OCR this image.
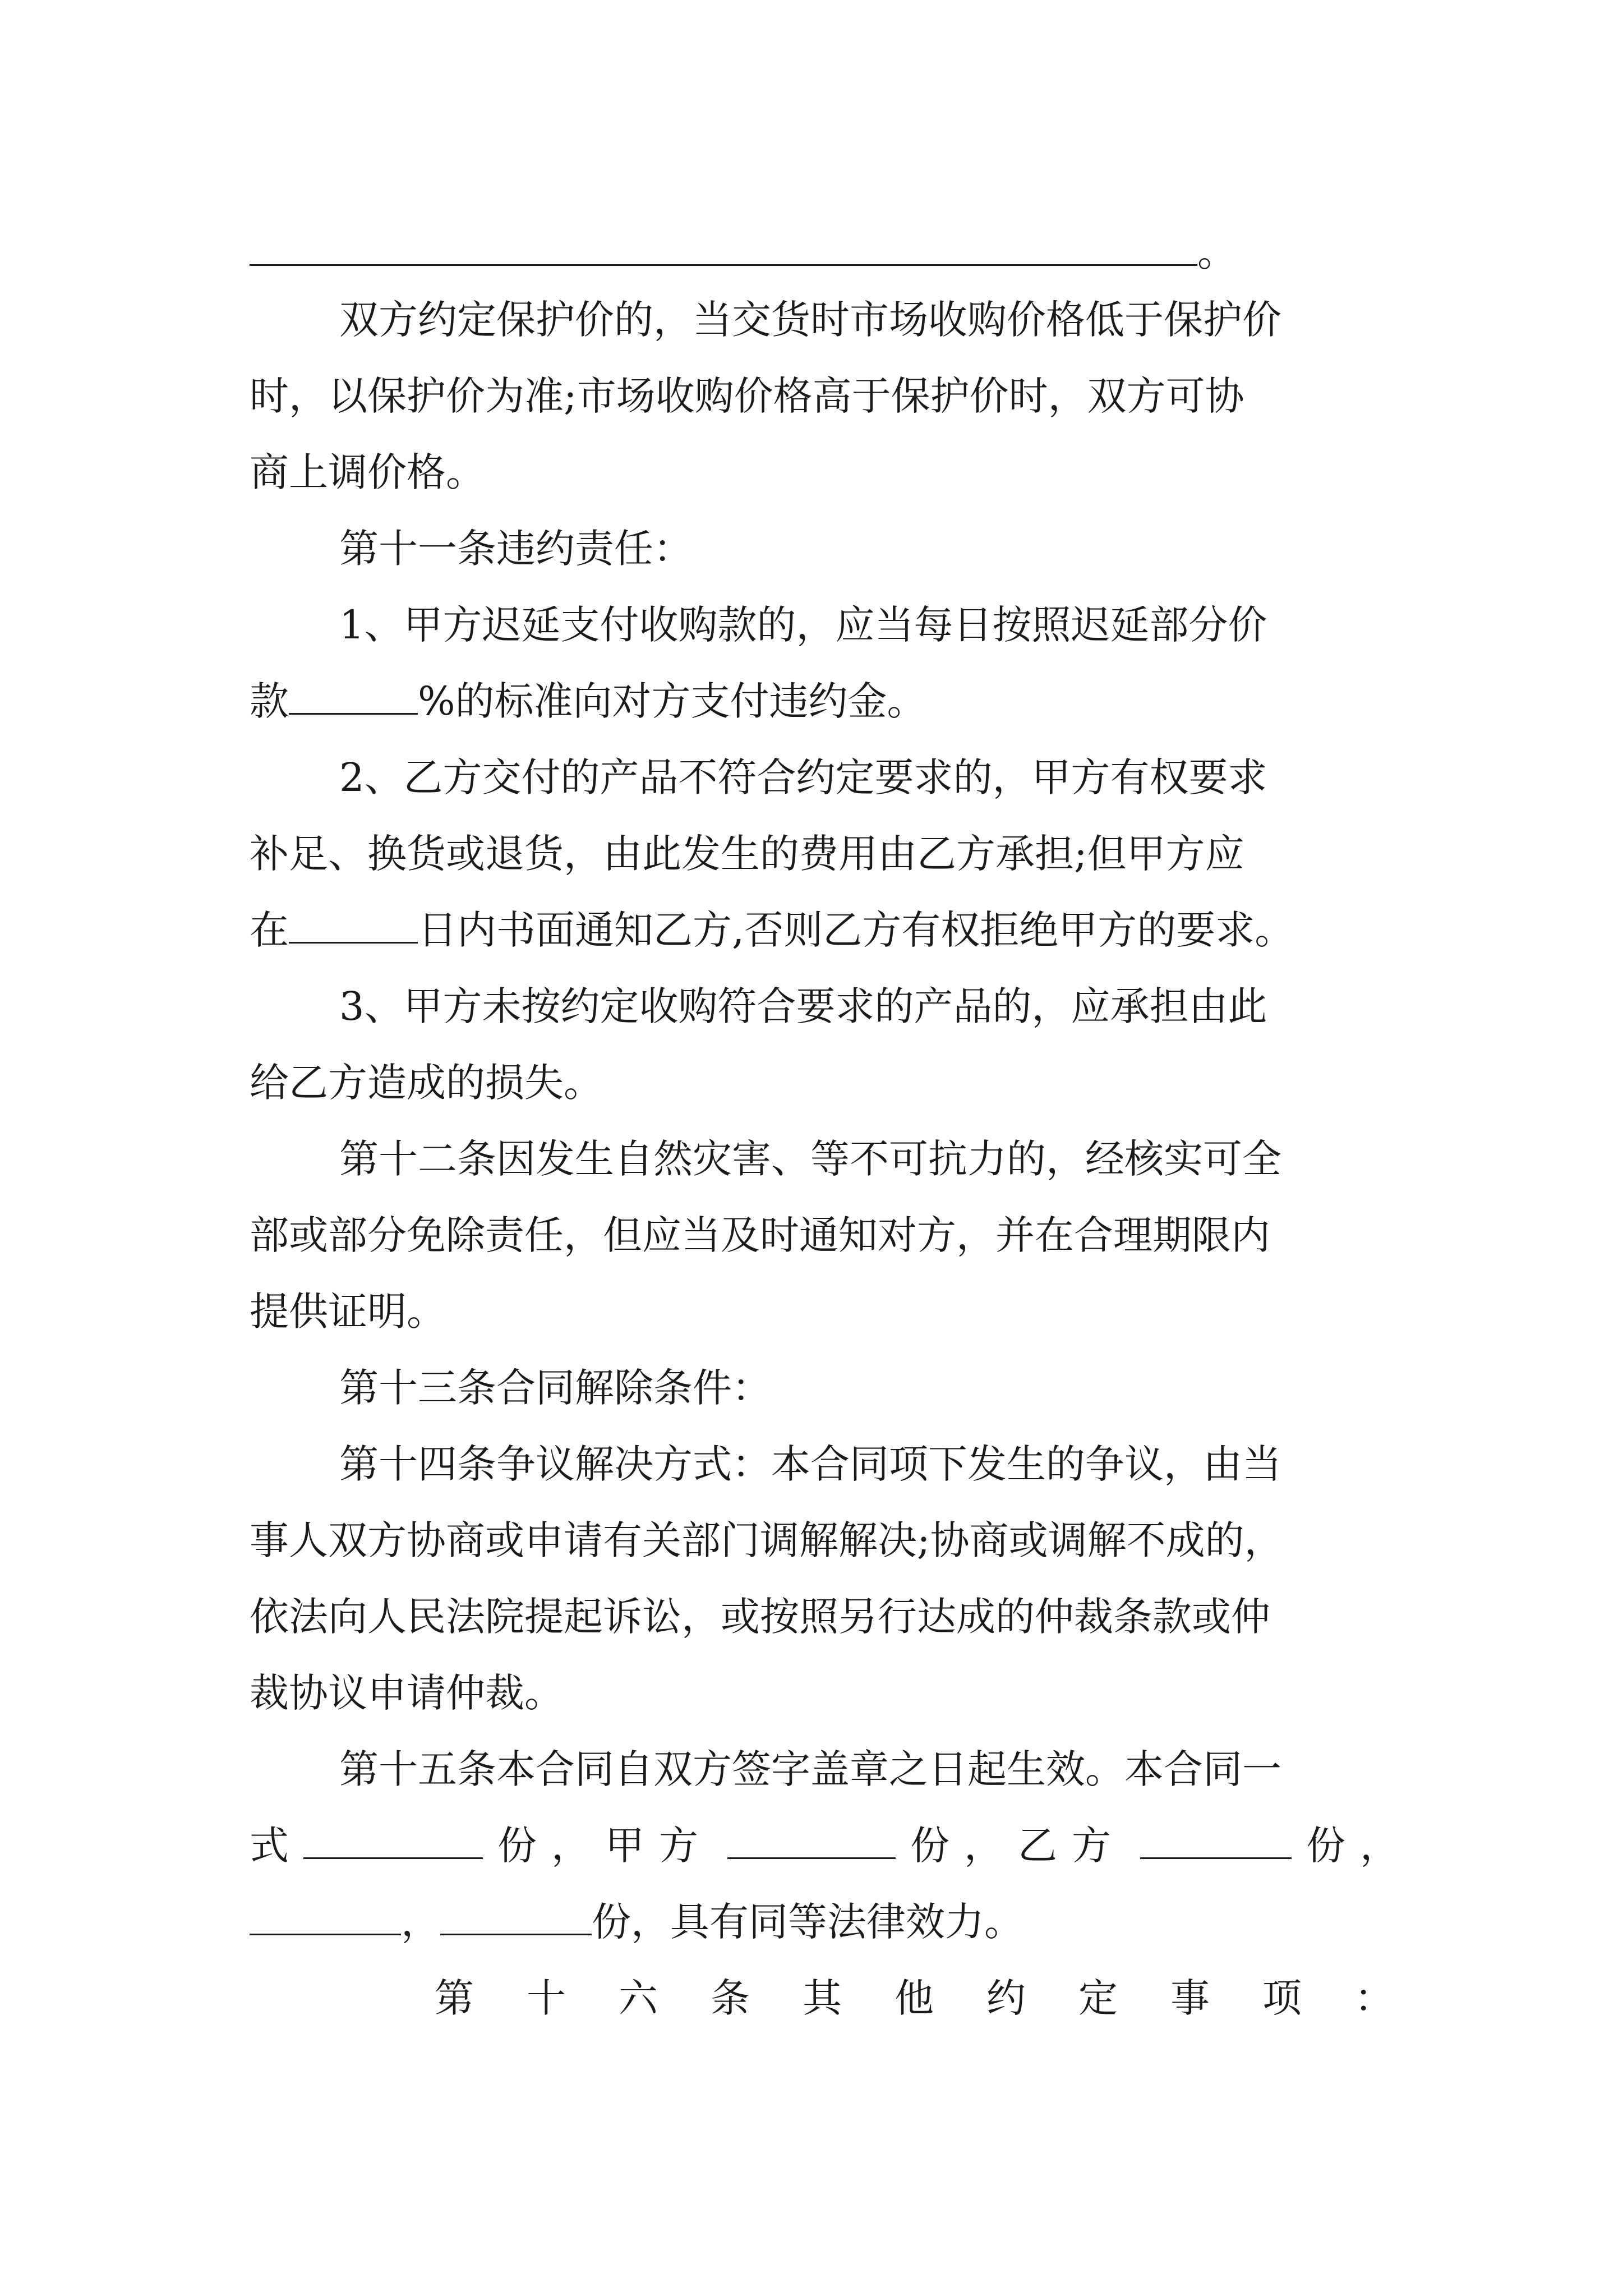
。
双方约定保护价的，当交货时市场收购价格低于保护价
时，以保护价为准;市场收购价格高于保护价时，双方可协
商上调价格。
第十一条违约责任：
1、甲方迟延支付收购款的，应当每日按照迟延部分价
款	%的标准向对方支付违约金。
2、乙方交付的产品不符合约定要求的，甲方有权要求
补足、换货或退货，由此发生的费用由乙方承担;但甲方应
在	日内书面通知乙方,否则乙方有权拒绝甲方的要求。
3、甲方未按约定收购符合要求的产品的，应承担由此
给乙方造成的损失。
第十二条因发生自然灾害、等不可抗力的，经核实可全
部或部分免除责任，但应当及时通知对方，并在合理期限内
提供证明。
第十三条合同解除条件：
第十四条争议解决方式：本合同项下发生的争议，由当
事人双方协商或申请有关部门调解解决;协商或调解不成的，
依法向人民法院提起诉讼，或按照另行达成的仲裁条款或仲
裁协议申请仲裁。
第十五条本合同自双方签字盖章之日起生效。本合同一
式	份，甲方	份，乙方	份，
，	份，具有同等法律效力。
第十六条其他约定事项：
